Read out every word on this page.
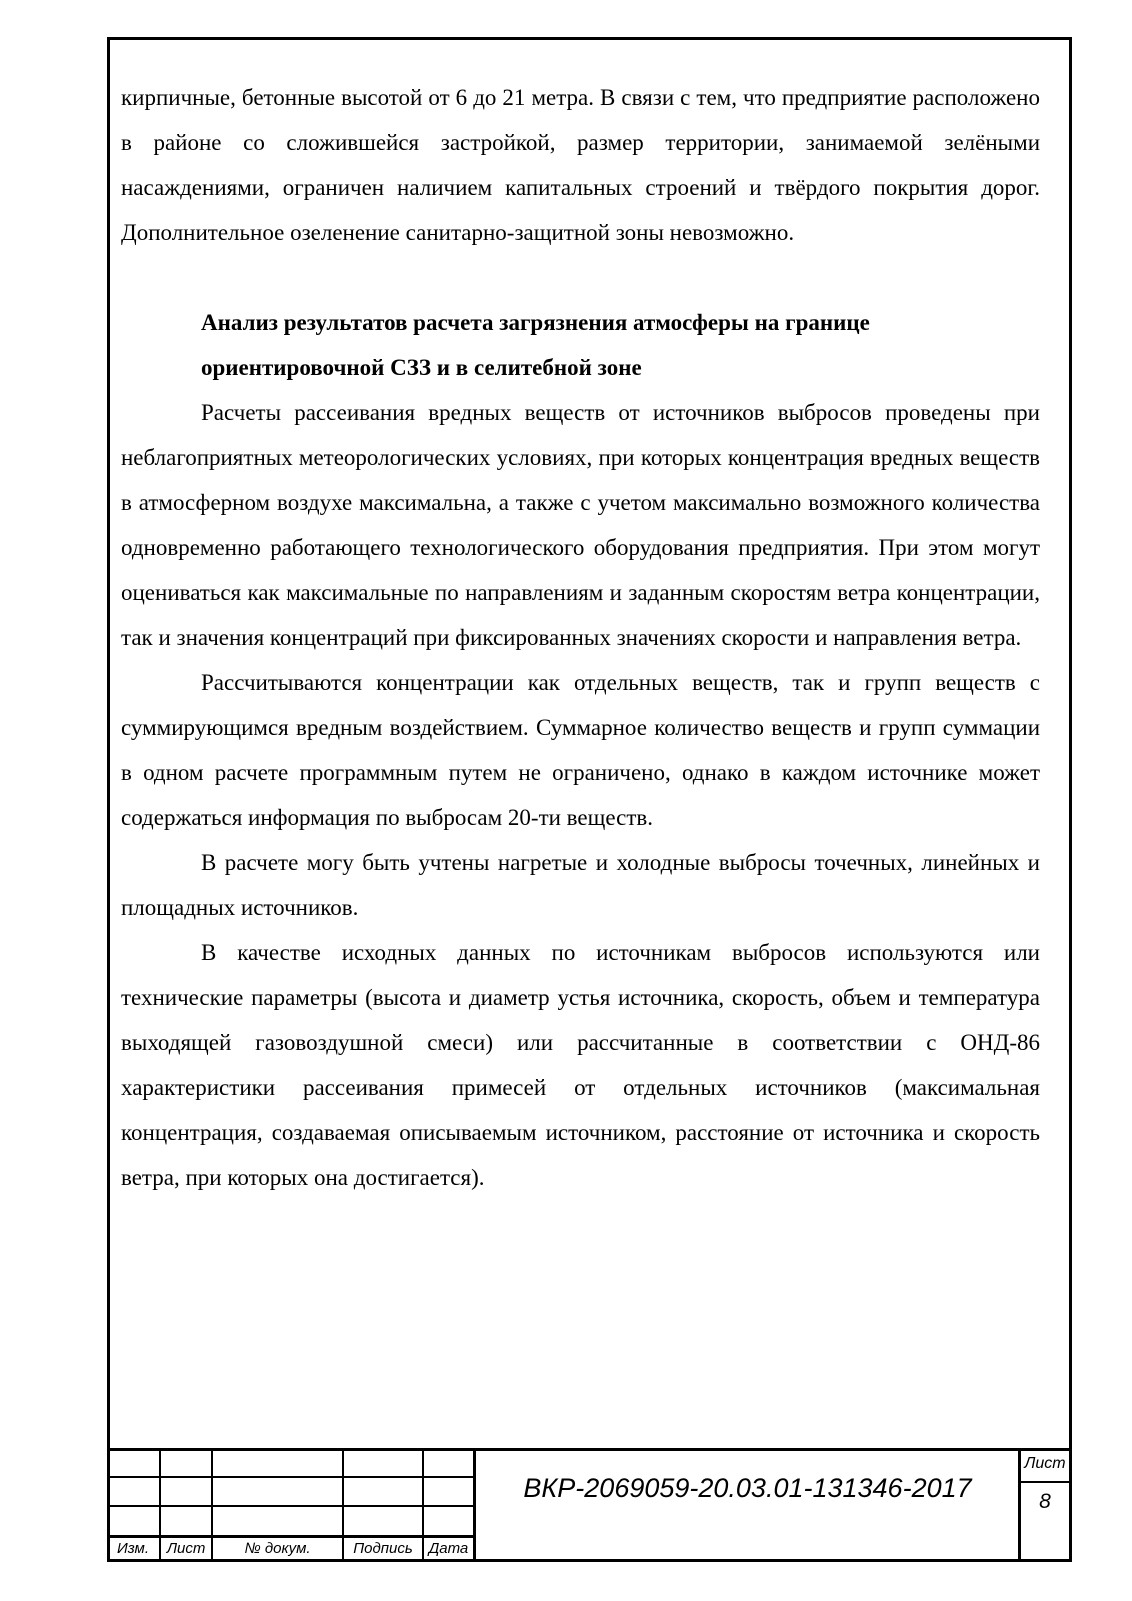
кирпичные, бетонные высотой от 6 до 21 метра. В связи с тем, что предприятие расположено в районе со сложившейся застройкой, размер территории, занимаемой зелёными насаждениями, ограничен наличием капитальных строений и твёрдого покрытия дорог. Дополнительное озеленение санитарно-защитной зоны невозможно.

Анализ результатов расчета загрязнения атмосферы на границе

ориентировочной СЗЗ и в селитебной зоне

Расчеты рассеивания вредных веществ от источников выбросов проведены при неблагоприятных метеорологических условиях, при которых концентрация вредных веществ в атмосферном воздухе максимальна, а также с учетом максимально возможного количества одновременно работающего технологического оборудования предприятия. При этом могут оцениваться как максимальные по направлениям и заданным скоростям ветра концентрации, так и значения концентраций при фиксированных значениях скорости и направления ветра.

Рассчитываются концентрации как отдельных веществ, так и групп веществ с суммирующимся вредным воздействием. Суммарное количество веществ и групп суммации в одном расчете программным путем не ограничено, однако в каждом источнике может содержаться информация по выбросам 20-ти веществ.

В расчете могу быть учтены нагретые и холодные выбросы точечных, линейных и площадных источников.

В качестве исходных данных по источникам выбросов используются или технические параметры (высота и диаметр устья источника, скорость, объем и температура выходящей газовоздушной смеси) или рассчитанные в соответствии с ОНД-86 характеристики рассеивания примесей от отдельных источников (максимальная концентрация, создаваемая описываемым источником, расстояние от источника и скорость ветра, при которых она достигается).

Изм.	Лист	№ докум.	Подпись	Дата
ВКР-2069059-20.03.01-131346-2017
Лист
8
